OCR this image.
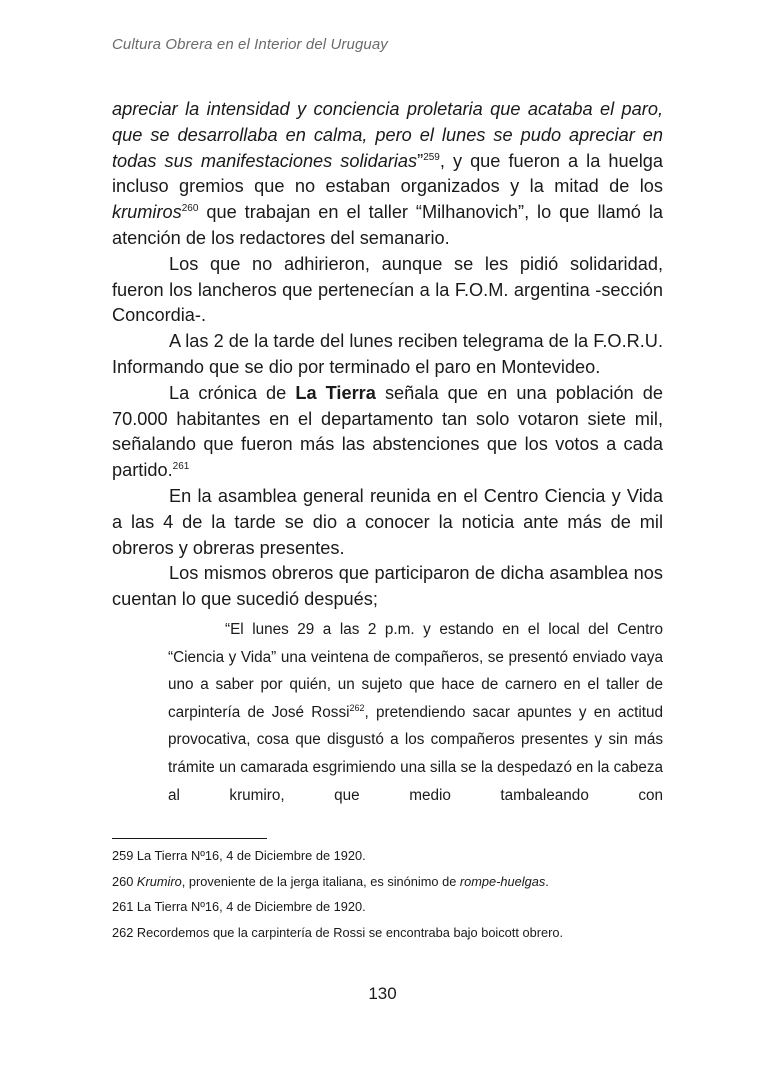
Cultura Obrera en el Interior del Uruguay

apreciar la intensidad y conciencia proletaria que acataba el paro, que se desarrollaba en calma, pero el lunes se pudo apreciar en todas sus manifestaciones solidarias”$^{259}$, y que fueron a la huelga incluso gremios que no estaban organizados y la mitad de los krumiros$^{260}$ que trabajan en el taller “Milhanovich”, lo que llamó la atención de los redactores del semanario.

Los que no adhirieron, aunque se les pidió solidaridad, fueron los lancheros que pertenecían a la F.O.M. argentina -sección Concordia-.

A las 2 de la tarde del lunes reciben telegrama de la F.O.R.U. Informando que se dio por terminado el paro en Montevideo.

La crónica de La Tierra señala que en una población de 70.000 habitantes en el departamento tan solo votaron siete mil, señalando que fueron más las abstenciones que los votos a cada partido.$^{261}$

En la asamblea general reunida en el Centro Ciencia y Vida a las 4 de la tarde se dio a conocer la noticia ante más de mil obreros y obreras presentes.

Los mismos obreros que participaron de dicha asamblea nos cuentan lo que sucedió después;

“El lunes 29 a las 2 p.m. y estando en el local del Centro “Ciencia y Vida” una veintena de compañeros, se presentó enviado vaya uno a saber por quién, un sujeto que hace de carnero en el taller de carpintería de José Rossi$^{262}$, pretendiendo sacar apuntes y en actitud provocativa, cosa que disgustó a los compañeros presentes y sin más trámite un camarada esgrimiendo una silla se la despedazó en la cabeza al krumiro, que medio tambaleando con

259 La Tierra Nº16, 4 de Diciembre de 1920.
260 Krumiro, proveniente de la jerga italiana, es sinónimo de rompe-huelgas.
261 La Tierra Nº16, 4 de Diciembre de 1920.
262 Recordemos que la carpintería de Rossi se encontraba bajo boicott obrero.
130
